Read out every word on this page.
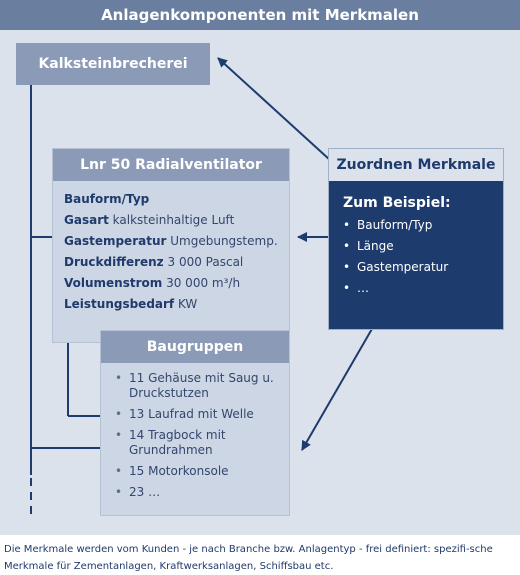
Anlagenkomponenten mit Merkmalen
Kalksteinbrecherei
Lnr 50 Radialventilator
Bauform/Typ
Gasart kalksteinhaltige Luft
Gastemperatur Umgebungstemp.
Druckdifferenz 3 000 Pascal
Volumenstrom 30 000 m³/h
Leistungsbedarf KW
Baugruppen
• 11 Gehäuse mit Saug u. Druckstutzen
• 13 Laufrad mit Welle
• 14 Tragbock mit Grundrahmen
• 15 Motorkonsole
• 23 …
Zuordnen Merkmale
Zum Beispiel:
• Bauform/Typ
• Länge
• Gastemperatur
• …
Die Merkmale werden vom Kunden - je nach Branche bzw. Anlagentyp - frei definiert: spezifi-sche Merkmale für Zementanlagen, Kraftwerksanlagen, Schiffsbau etc.
